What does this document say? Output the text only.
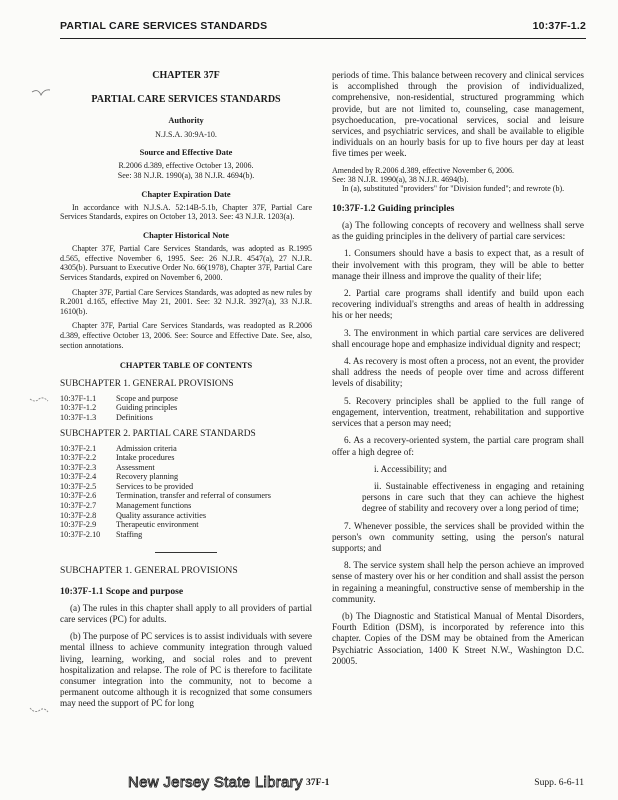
PARTIAL CARE SERVICES STANDARDS	10:37F-1.2
CHAPTER 37F
PARTIAL CARE SERVICES STANDARDS
Authority
N.J.S.A. 30:9A-10.
Source and Effective Date
R.2006 d.389, effective October 13, 2006.
See: 38 N.J.R. 1990(a), 38 N.J.R. 4694(b).
Chapter Expiration Date

In accordance with N.J.S.A. 52:14B-5.1b, Chapter 37F, Partial Care Services Standards, expires on October 13, 2013. See: 43 N.J.R. 1203(a).

Chapter Historical Note

Chapter 37F, Partial Care Services Standards, was adopted as R.1995 d.565, effective November 6, 1995. See: 26 N.J.R. 4547(a), 27 N.J.R. 4305(b). Pursuant to Executive Order No. 66(1978), Chapter 37F, Partial Care Services Standards, expired on November 6, 2000.

Chapter 37F, Partial Care Services Standards, was adopted as new rules by R.2001 d.165, effective May 21, 2001. See: 32 N.J.R. 3927(a), 33 N.J.R. 1610(b).

Chapter 37F, Partial Care Services Standards, was readopted as R.2006 d.389, effective October 13, 2006. See: Source and Effective Date. See, also, section annotations.

CHAPTER TABLE OF CONTENTS
SUBCHAPTER 1. GENERAL PROVISIONS
10:37F-1.1 Scope and purpose
10:37F-1.2 Guiding principles
10:37F-1.3 Definitions
SUBCHAPTER 2. PARTIAL CARE STANDARDS
10:37F-2.1 Admission criteria
10:37F-2.2 Intake procedures
10:37F-2.3 Assessment
10:37F-2.4 Recovery planning
10:37F-2.5 Services to be provided
10:37F-2.6 Termination, transfer and referral of consumers
10:37F-2.7 Management functions
10:37F-2.8 Quality assurance activities
10:37F-2.9 Therapeutic environment
10:37F-2.10 Staffing
SUBCHAPTER 1. GENERAL PROVISIONS
10:37F-1.1 Scope and purpose

(a) The rules in this chapter shall apply to all providers of partial care services (PC) for adults.

(b) The purpose of PC services is to assist individuals with severe mental illness to achieve community integration through valued living, learning, working, and social roles and to prevent hospitalization and relapse. The role of PC is therefore to facilitate consumer integration into the community, not to become a permanent outcome although it is recognized that some consumers may need the support of PC for long

periods of time. This balance between recovery and clinical services is accomplished through the provision of individualized, comprehensive, non-residential, structured programming which provide, but are not limited to, counseling, case management, psychoeducation, pre-vocational services, social and leisure services, and psychiatric services, and shall be available to eligible individuals on an hourly basis for up to five hours per day at least five times per week.

Amended by R.2006 d.389, effective November 6, 2006.
See: 38 N.J.R. 1990(a), 38 N.J.R. 4694(b).
In (a), substituted "providers" for "Division funded"; and rewrote (b).
10:37F-1.2 Guiding principles

(a) The following concepts of recovery and wellness shall serve as the guiding principles in the delivery of partial care services:

1. Consumers should have a basis to expect that, as a result of their involvement with this program, they will be able to better manage their illness and improve the quality of their life;

2. Partial care programs shall identify and build upon each recovering individual's strengths and areas of health in addressing his or her needs;

3. The environment in which partial care services are delivered shall encourage hope and emphasize individual dignity and respect;

4. As recovery is most often a process, not an event, the provider shall address the needs of people over time and across different levels of disability;

5. Recovery principles shall be applied to the full range of engagement, intervention, treatment, rehabilitation and supportive services that a person may need;

6. As a recovery-oriented system, the partial care program shall offer a high degree of:

i. Accessibility; and

ii. Sustainable effectiveness in engaging and retaining persons in care such that they can achieve the highest degree of stability and recovery over a long period of time;

7. Whenever possible, the services shall be provided within the person's own community setting, using the person's natural supports; and

8. The service system shall help the person achieve an improved sense of mastery over his or her condition and shall assist the person in regaining a meaningful, constructive sense of membership in the community.

(b) The Diagnostic and Statistical Manual of Mental Disorders, Fourth Edition (DSM), is incorporated by reference into this chapter. Copies of the DSM may be obtained from the American Psychiatric Association, 1400 K Street N.W., Washington D.C. 20005.

New Jersey State Library 37F-1	Supp. 6-6-11
